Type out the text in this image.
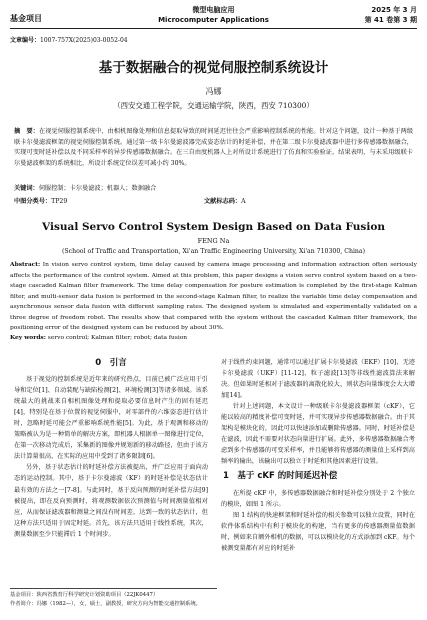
基金项目
微型电脑应用
Microcomputer Applications
2025 年 3 月
第 41 卷第 3 期
文章编号：1007-757X(2025)03-0052-04
基于数据融合的视觉伺服控制系统设计
冯娜
（西安交通工程学院，交通运输学院，陕西，西安 710300）
摘　要：在视觉伺服控制系统中，由相机图像处理和信息提取导致的时间延迟往往会严重影响控制系统的性能。针对这个问题，设计一种基于两级联卡尔曼滤波框架的视觉伺服控制系统。通过第一级卡尔曼滤波器完成姿态估计的时延补偿，并在第二级卡尔曼滤波器中进行多传感器数据融合，实现可变时延补偿以及不同采样率的异步传感器数据融合。在三自由度机器人上对所设计系统进行了仿真和实验验证，结果表明，与未采用级联卡尔曼滤波框架的系统相比，所设计系统定位误差可减小约 30%。
关键词：伺服控制；卡尔曼滤波；机器人；数据融合
中图分类号：TP29	文献标志码：A
Visual Servo Control System Design Based on Data Fusion
FENG Na
(School of Traffic and Transportation, Xi'an Traffic Engineering University, Xi'an 710300, China)
Abstract: In vision servo control system, time delay caused by camera image processing and information extraction often seriously affects the performance of the control system. Aimed at this problem, this paper designs a vision servo control system based on a two-stage cascaded Kalman filter framework. The time delay compensation for posture estimation is completed by the first-stage Kalman filter, and multi-sensor data fusion is performed in the second-stage Kalman filter, to realize the variable time delay compensation and asynchronous sensor data fusion with different sampling rates. The designed system is simulated and experimentally validated on a three degree of freedom robot. The results show that compared with the system without the cascaded Kalman filter framework, the positioning error of the designed system can be reduced by about 30%.
Key words: servo control; Kalman filter; robot; data fusion
0　引言

基于视觉的控制系统是近年来的研究热点，目前已被广泛应用于引导和定位[1]、自动装配与缺陷检测[2]、环境检测[3]等诸多领域。该系统最大的挑战来自相机图像处理和提取必要信息时产生的固有延迟[4]，特别是在基于位置的视觉伺服中，对零部件的六维姿态进行估计时，忽略时延可能会严重影响系统性能[5]。为此，基于观测和移动的策略被认为是一种简单的解决方案，即机器人根据单一图像进行定位，在第一次移动完成后，采集新的图像并规划新的移动路径，但由于该方法计算量很高，在实际的应用中受到了诸多限制[6]。

另外，基于状态估计的时延补偿方法被提出，并广泛应用于面向动态的运动控制。其中，基于卡尔曼滤波（KF）的时延补偿是状态估计最有效的方法之一[7-8]。与此同时，基于反向预测的时延补偿方法[9]被提出，即在反向预测时，将观测数据依次预测值与时间测量值相对应，从而保证滤波器和测量之间没有时间差，达到一致的状态估计，但这种方法只适用于固定时延。首先，该方法只适用于线性系统，其次，测量数据至少只能滞后 1 个时间步。

对于线性约束问题，通常可以通过扩展卡尔曼滤波（EKF）[10]、无迹卡尔曼滤波（UKF）[11-12]、粒子滤波[13]等非线性滤波算法来解决。但如果时延相对于滤波器的离散化较大，则状态向量维度会大大增加[14]。

针对上述问题，本文设计一种级联卡尔曼滤波器框架（cKF），它能以较高的精度补偿可变时延，并可实现异步传感器数据融合。由于其架构是模块化的，因此可以快速添加或删除传感器。同时，时延补偿是在滤波，因此不需要对状态向量进行扩展。此外，多传感器数据融合考虑到多个传感器的可变采样率，并且能够将传感器的测量值上采样到高频率的输出，该输出可以独立于时延和其他因素进行设置。

1　基于 cKF 的时间延迟补偿

在所提 cKF 中，多传感器数据融合和时延补偿分别处于 2 个独立的模块，如图 1 所示。

图 1 结构的快速框架和时延补偿的相关参数可以独立设置，同时在软件体系结构中有利于模块化的构建，当有更多的传感器测量值数据时，例如来自额外相机的数据，可以以模块化的方式添加到 cKF。每个被测变量都有对应的时延补

基金项目：陕西省教育厅科学研究计划资助项目（22JK0447）
作者简介：冯娜（1982—），女，硕士，副教授，研究方向为智能交通控制系统。
